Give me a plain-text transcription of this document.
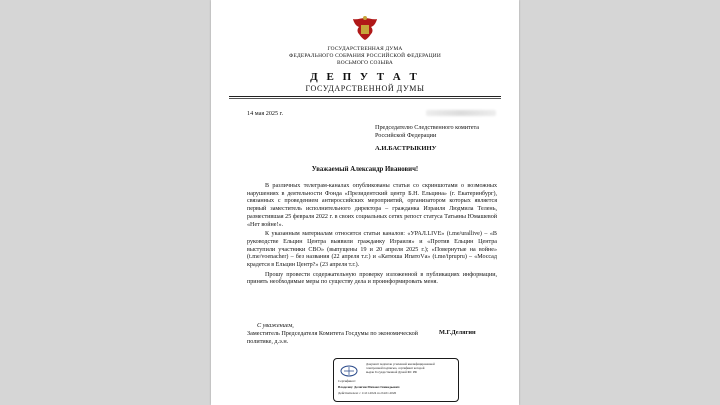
ГОСУДАРСТВЕННАЯ ДУМА
ФЕДЕРАЛЬНОГО СОБРАНИЯ РОССИЙСКОЙ ФЕДЕРАЦИИ
ВОСЬМОГО СОЗЫВА
Д Е П У Т А Т
ГОСУДАРСТВЕННОЙ ДУМЫ
14 мая 2025 г.
Председателю Следственного комитета Российской Федерации
А.И.БАСТРЫКИНУ
Уважаемый Александр Иванович!

В различных телеграм-каналах опубликованы статьи со скриншотами о возможных нарушениях в деятельности Фонда «Президентский центр Б.Н. Ельцина» (г. Екатеринбург), связанных с проведением антироссийских мероприятий, организатором которых является первый заместитель исполнительного директора – гражданка Израиля Людмила Телень, разместившая 25 февраля 2022 г. в своих социальных сетях репост статуса Татьяны Юмашевой «Нет войне!».

К указанным материалам относятся статьи каналов: «УРАЛ.LIVE» (t.me/urallive) – «В руководстве Ельцин Центра выявили гражданку Израиля» и «Против Ельцин Центра выступили участники СВО» (выпущены 19 и 20 апреля 2025 г.); «Повернутые на войне» (t.me/voenacher) – без названия (22 апреля т.г.) и «Катюша ИпатоVа» (t.me/iprupru) – «Моссад крадется в Ельцин Центр?» (23 апреля т.г.).

Прошу провести содержательную проверку изложенной в публикациях информации, принять необходимые меры по существу дела и проинформировать меня.

С уважением,
Заместитель Председателя Комитета Госдумы по экономической политике, д.э.н.
М.Г.Делягин
Документ подписан усиленной квалифицированной
электронной подписью, сертификат которой
выдан Государственной Думой ФС РФ
Сертификат:
Владелец: Делягин Михаил Геннадьевич
Действителен: с 11.01.2024 по 04.01.2026
